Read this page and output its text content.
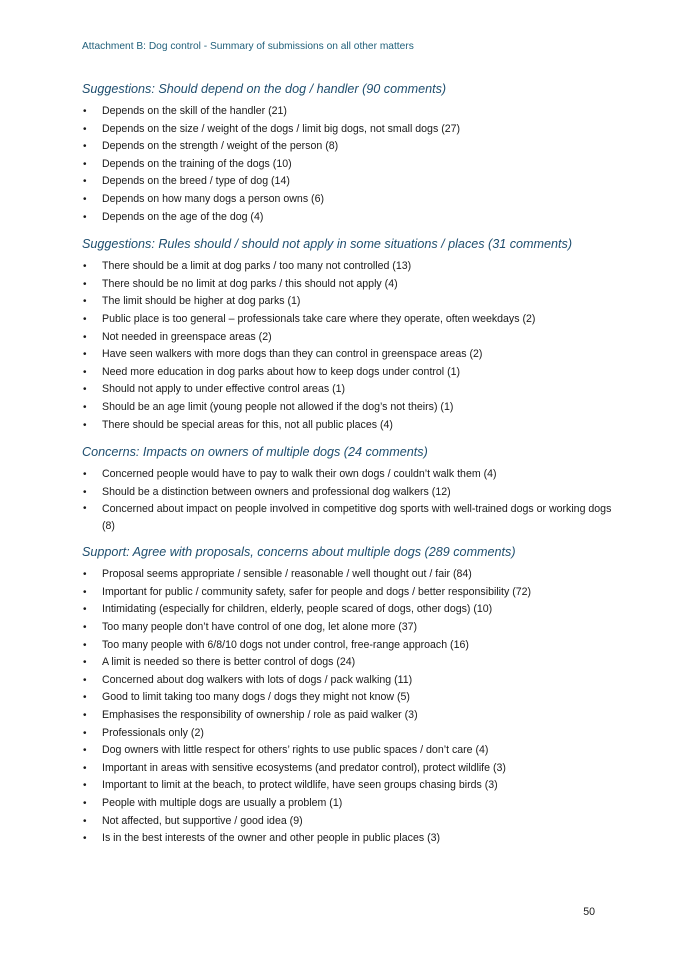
Attachment B: Dog control - Summary of submissions on all other matters
Suggestions: Should depend on the dog / handler (90 comments)
• Depends on the skill of the handler (21)
• Depends on the size / weight of the dogs / limit big dogs, not small dogs (27)
• Depends on the strength / weight of the person (8)
• Depends on the training of the dogs (10)
• Depends on the breed / type of dog (14)
• Depends on how many dogs a person owns (6)
• Depends on the age of the dog (4)
Suggestions: Rules should / should not apply in some situations / places (31 comments)
• There should be a limit at dog parks / too many not controlled (13)
• There should be no limit at dog parks / this should not apply (4)
• The limit should be higher at dog parks (1)
• Public place is too general – professionals take care where they operate, often weekdays (2)
• Not needed in greenspace areas (2)
• Have seen walkers with more dogs than they can control in greenspace areas (2)
• Need more education in dog parks about how to keep dogs under control (1)
• Should not apply to under effective control areas (1)
• Should be an age limit (young people not allowed if the dog’s not theirs) (1)
• There should be special areas for this, not all public places (4)
Concerns: Impacts on owners of multiple dogs (24 comments)
• Concerned people would have to pay to walk their own dogs / couldn’t walk them (4)
• Should be a distinction between owners and professional dog walkers (12)
• Concerned about impact on people involved in competitive dog sports with well-trained dogs or working dogs (8)
Support: Agree with proposals, concerns about multiple dogs (289 comments)
• Proposal seems appropriate / sensible / reasonable / well thought out / fair (84)
• Important for public / community safety, safer for people and dogs / better responsibility (72)
• Intimidating (especially for children, elderly, people scared of dogs, other dogs) (10)
• Too many people don’t have control of one dog, let alone more (37)
• Too many people with 6/8/10 dogs not under control, free-range approach (16)
• A limit is needed so there is better control of dogs (24)
• Concerned about dog walkers with lots of dogs / pack walking (11)
• Good to limit taking too many dogs / dogs they might not know (5)
• Emphasises the responsibility of ownership / role as paid walker (3)
• Professionals only (2)
• Dog owners with little respect for others’ rights to use public spaces / don’t care (4)
• Important in areas with sensitive ecosystems (and predator control), protect wildlife (3)
• Important to limit at the beach, to protect wildlife, have seen groups chasing birds (3)
• People with multiple dogs are usually a problem (1)
• Not affected, but supportive / good idea (9)
• Is in the best interests of the owner and other people in public places (3)
50
